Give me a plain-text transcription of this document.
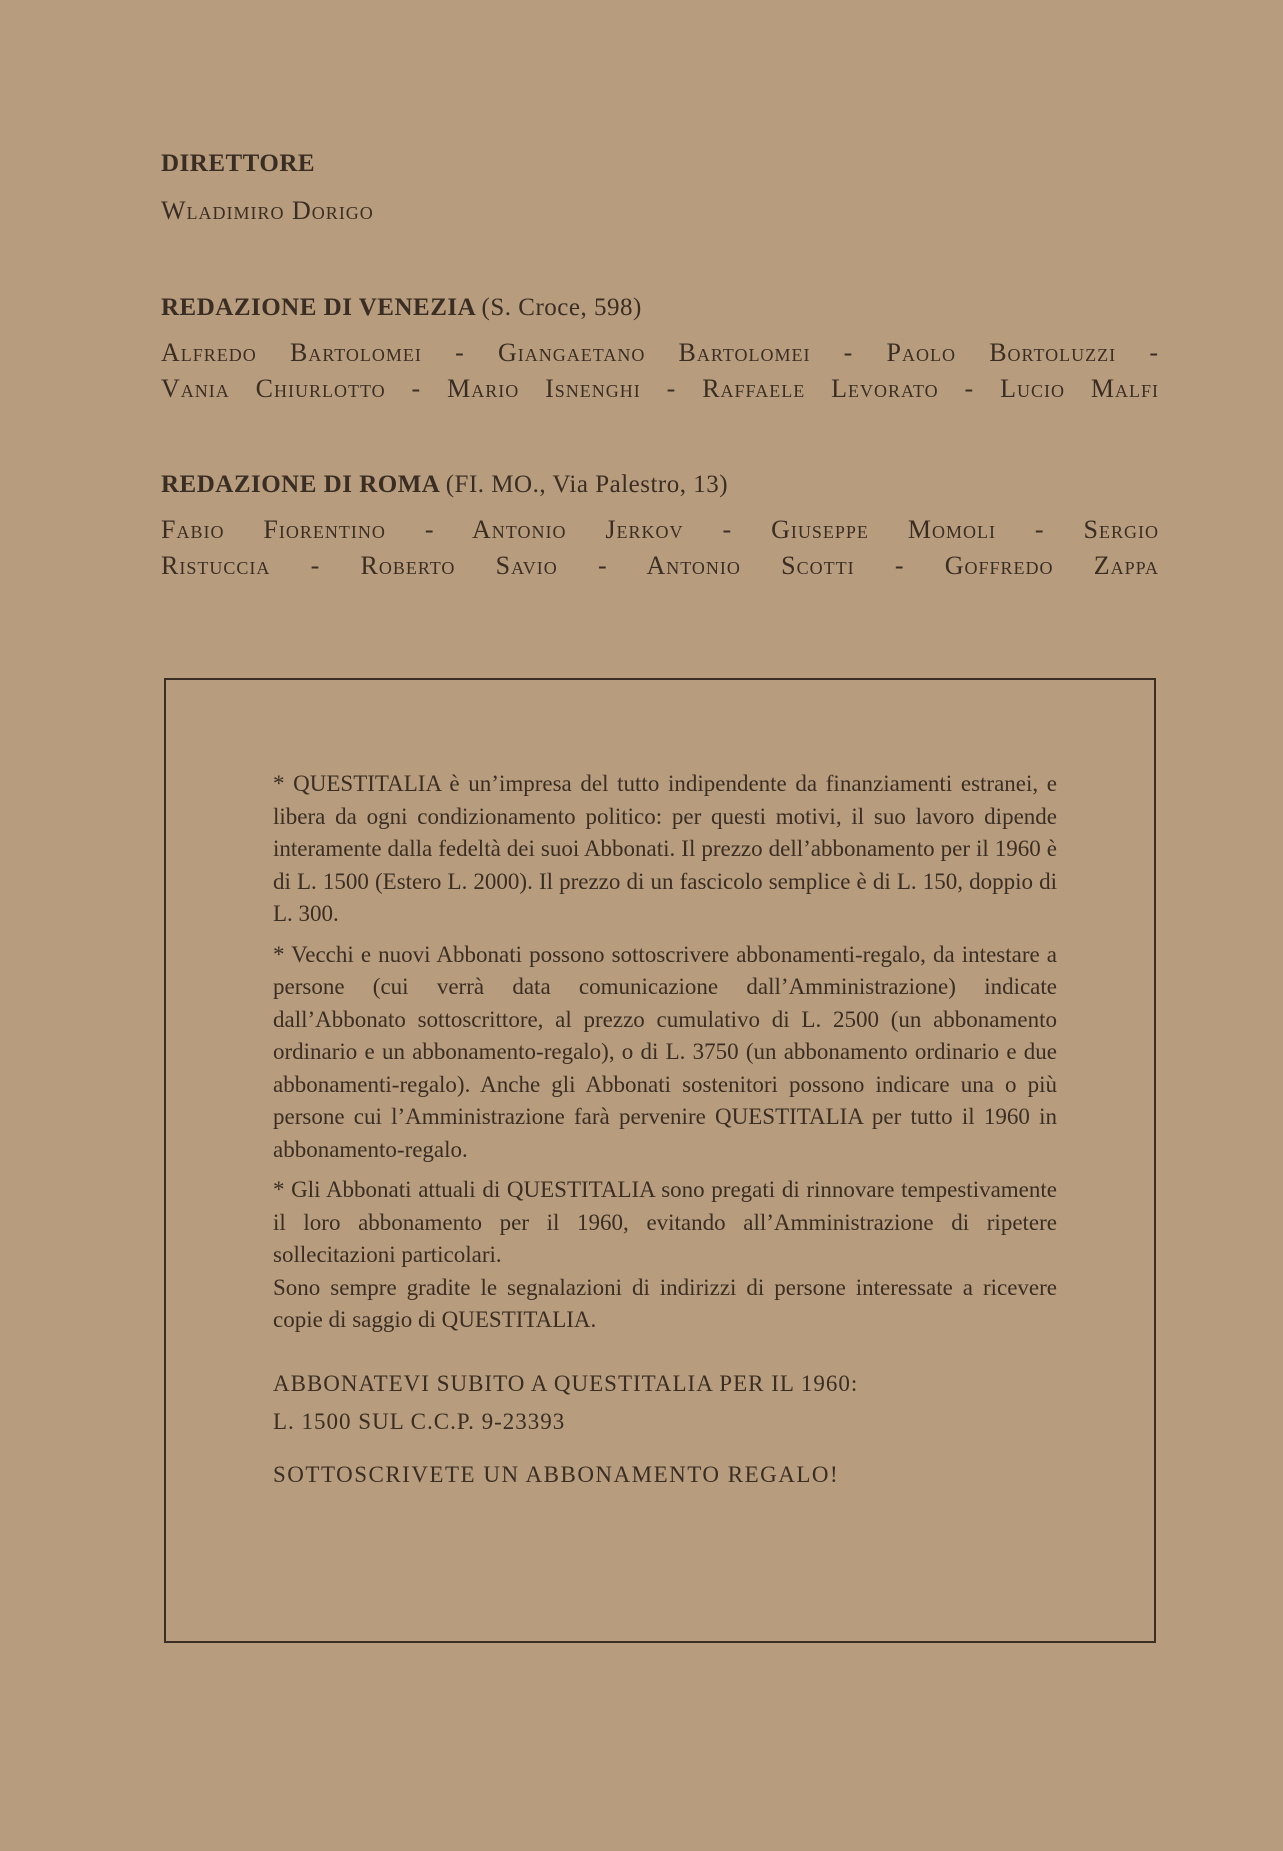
DIRETTORE
Wladimiro Dorigo
REDAZIONE DI VENEZIA (S. Croce, 598)
Alfredo Bartolomei - Giangaetano Bartolomei - Paolo Bortoluzzi -
Vania Chiurlotto - Mario Isnenghi - Raffaele Levorato - Lucio Malfi
REDAZIONE DI ROMA (FI. MO., Via Palestro, 13)
Fabio Fiorentino - Antonio Jerkov - Giuseppe Momoli - Sergio
Ristuccia - Roberto Savio - Antonio Scotti - Goffredo Zappa

* QUESTITALIA è un’impresa del tutto indipendente da finanziamenti estranei, e libera da ogni condizionamento politico: per questi motivi, il suo lavoro dipende interamente dalla fedeltà dei suoi Abbonati. Il prezzo dell’abbonamento per il 1960 è di L. 1500 (Estero L. 2000). Il prezzo di un fascicolo semplice è di L. 150, doppio di L. 300.

* Vecchi e nuovi Abbonati possono sottoscrivere abbonamenti-regalo, da intestare a persone (cui verrà data comunicazione dall’Amministrazione) indicate dall’Abbonato sottoscrittore, al prezzo cumulativo di L. 2500 (un abbonamento ordinario e un abbonamento-regalo), o di L. 3750 (un abbonamento ordinario e due abbonamenti-regalo). Anche gli Abbonati sostenitori possono indicare una o più persone cui l’Amministrazione farà pervenire QUESTITALIA per tutto il 1960 in abbonamento-regalo.

* Gli Abbonati attuali di QUESTITALIA sono pregati di rinnovare tempestivamente il loro abbonamento per il 1960, evitando all’Amministrazione di ripetere sollecitazioni particolari.

Sono sempre gradite le segnalazioni di indirizzi di persone interessate a ricevere copie di saggio di QUESTITALIA.

ABBONATEVI SUBITO A QUESTITALIA PER IL 1960:
L. 1500 SUL C.C.P. 9-23393
SOTTOSCRIVETE UN ABBONAMENTO REGALO!
